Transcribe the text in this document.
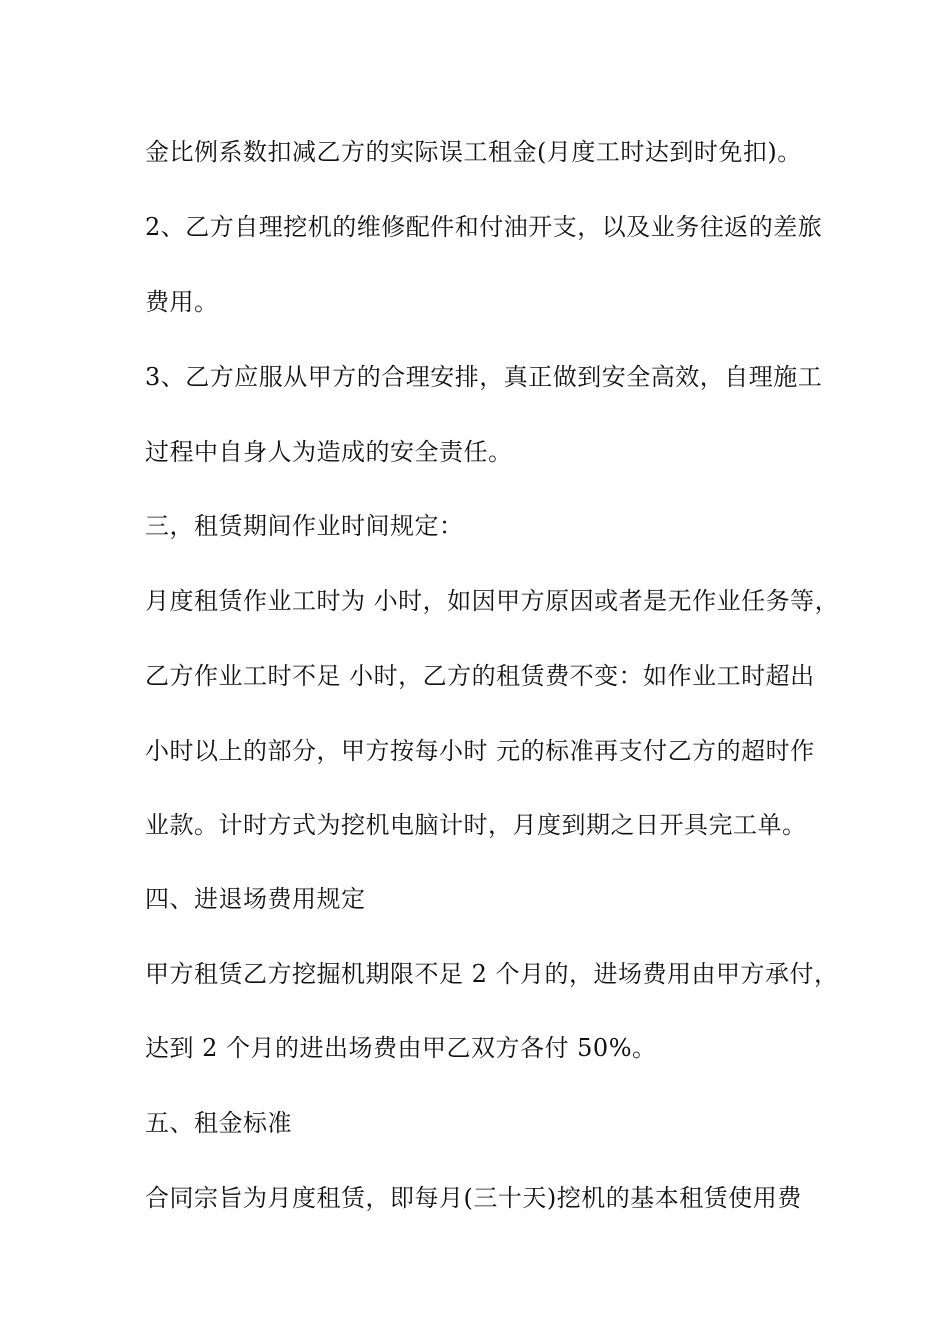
金比例系数扣减乙方的实际误工租金(月度工时达到时免扣)。
2、乙方自理挖机的维修配件和付油开支，以及业务往返的差旅
费用。
3、乙方应服从甲方的合理安排，真正做到安全高效，自理施工
过程中自身人为造成的安全责任。
三，租赁期间作业时间规定：
月度租赁作业工时为 小时，如因甲方原因或者是无作业任务等，
乙方作业工时不足 小时，乙方的租赁费不变：如作业工时超出
小时以上的部分，甲方按每小时 元的标准再支付乙方的超时作
业款。计时方式为挖机电脑计时，月度到期之日开具完工单。
四、进退场费用规定
甲方租赁乙方挖掘机期限不足 2 个月的，进场费用由甲方承付，
达到 2 个月的进出场费由甲乙双方各付 50%。
五、租金标准
合同宗旨为月度租赁，即每月(三十天)挖机的基本租赁使用费
